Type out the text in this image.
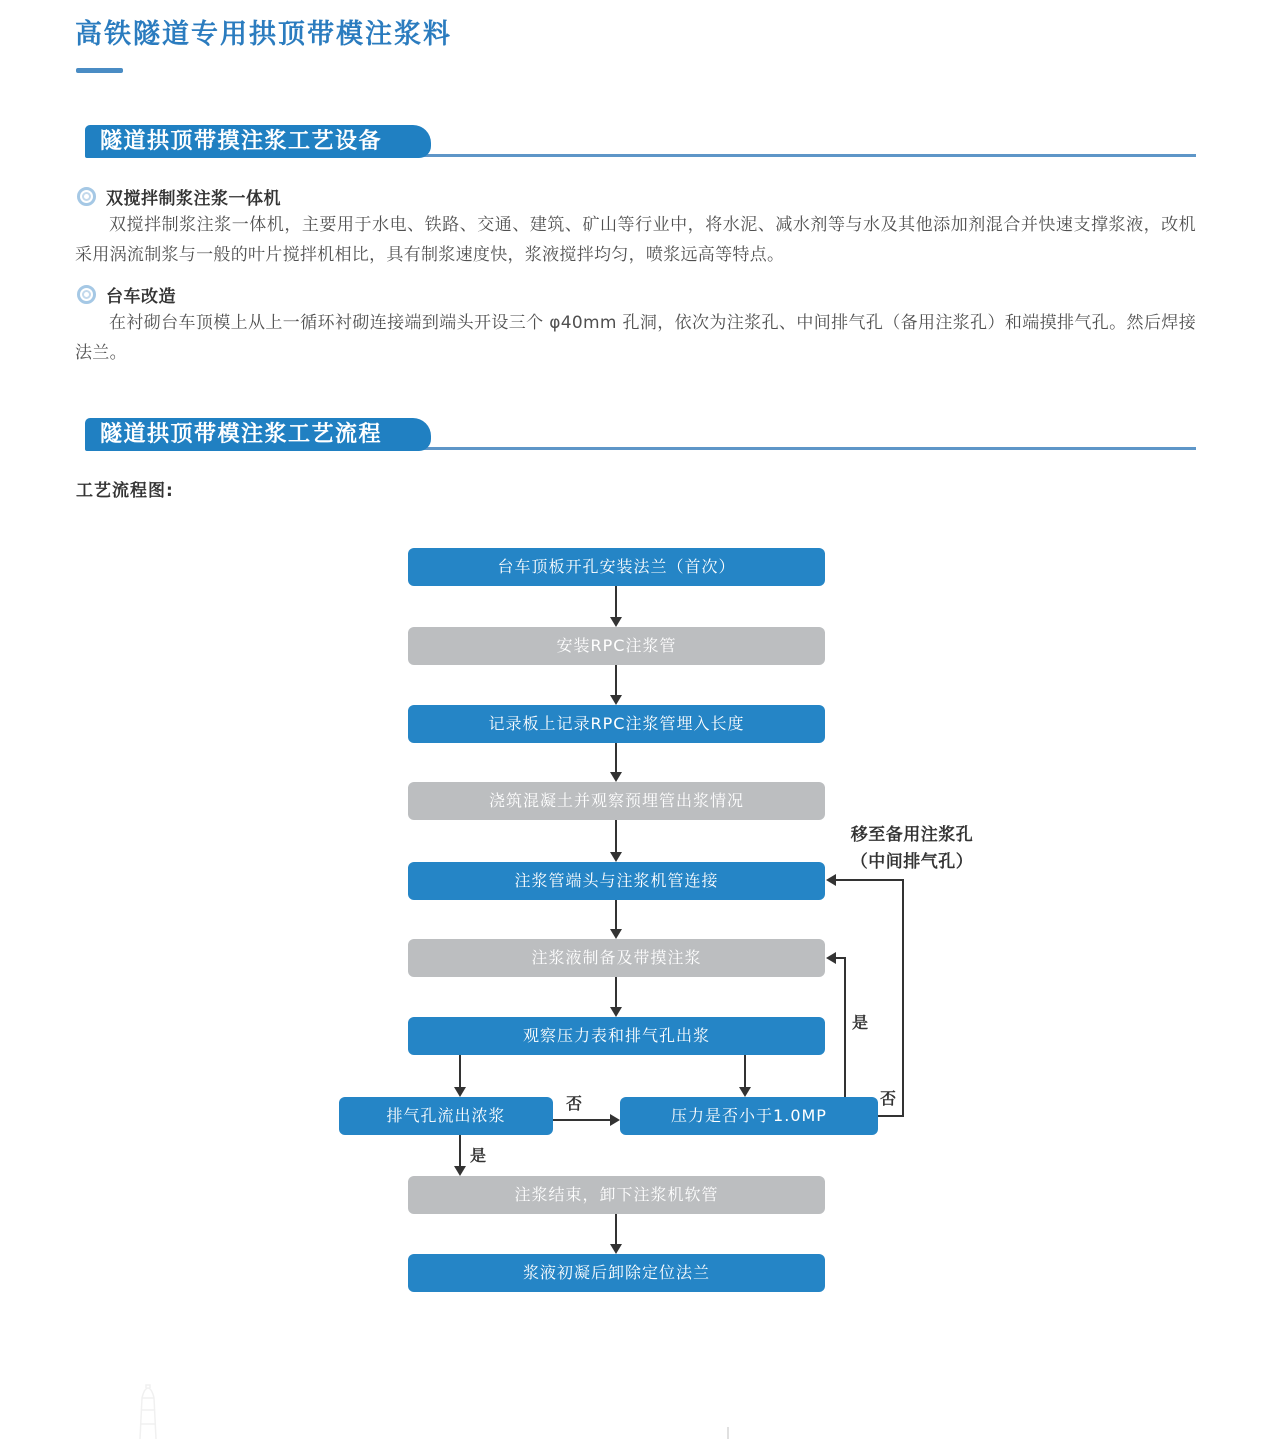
高铁隧道专用拱顶带模注浆料
隧道拱顶带摸注浆工艺设备
双搅拌制浆注浆一体机
双搅拌制浆注浆一体机，主要用于水电、铁路、交通、建筑、矿山等行业中，将水泥、减水剂等与水及其他添加剂混合并快速支撑浆液，改机采用涡流制浆与一般的叶片搅拌机相比，具有制浆速度快，浆液搅拌均匀，喷浆远高等特点。
台车改造
在衬砌台车顶模上从上一循环衬砌连接端到端头开设三个 φ40mm 孔洞，依次为注浆孔、中间排气孔（备用注浆孔）和端摸排气孔。然后焊接法兰。
隧道拱顶带模注浆工艺流程
工艺流程图:
台车顶板开孔安装法兰（首次）
安装RPC注浆管
记录板上记录RPC注浆管埋入长度
浇筑混凝土并观察预埋管出浆情况
注浆管端头与注浆机管连接
注浆液制备及带摸注浆
观察压力表和排气孔出浆
排气孔流出浓浆	压力是否小于1.0MP
注浆结束，卸下注浆机软管
浆液初凝后卸除定位法兰
是
否
是
否
移至备用注浆孔
（中间排气孔）
